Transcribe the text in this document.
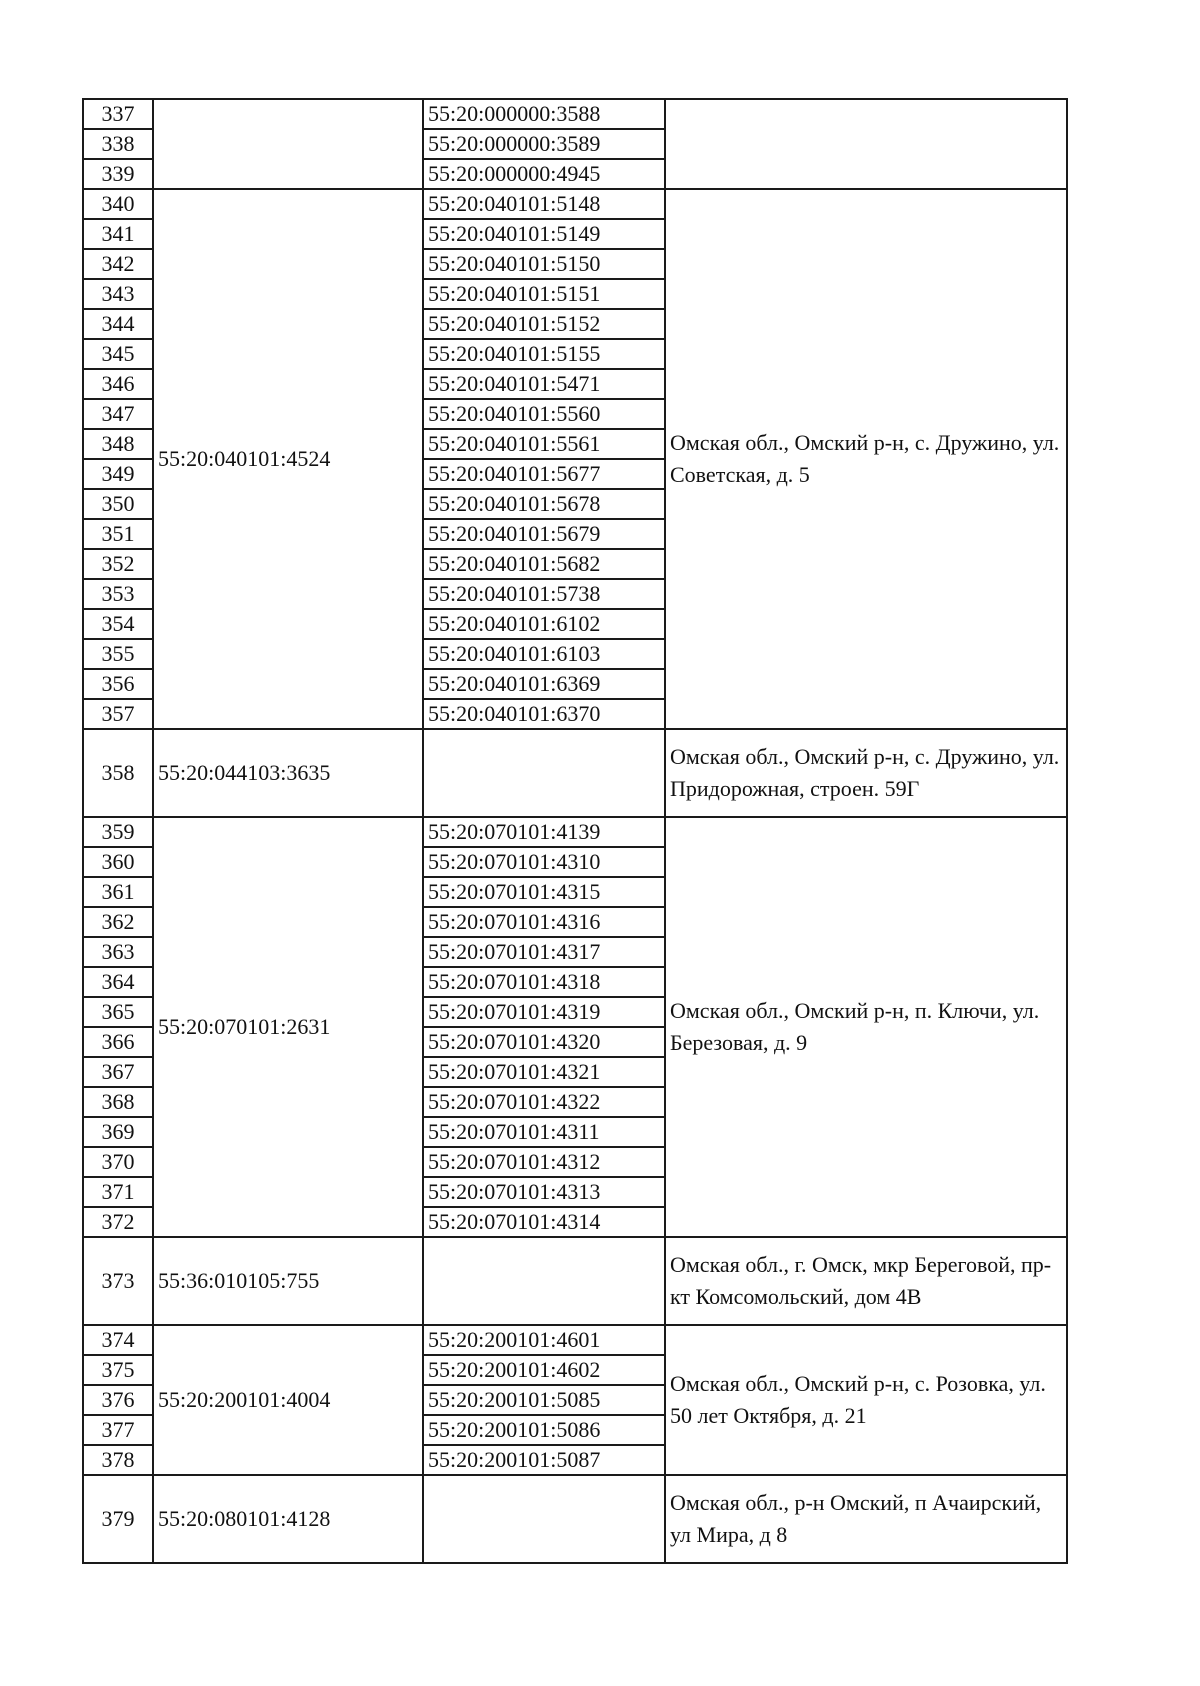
337		55:20:000000:3588	
338		55:20:000000:3589	
339		55:20:000000:4945	
340	55:20:040101:4524	55:20:040101:5148	Омская обл., Омский р-н, с. Дружино, ул. Советская, д. 5
341		55:20:040101:5149	
342		55:20:040101:5150	
343		55:20:040101:5151	
344		55:20:040101:5152	
345		55:20:040101:5155	
346		55:20:040101:5471	
347		55:20:040101:5560	
348		55:20:040101:5561	
349		55:20:040101:5677	
350		55:20:040101:5678	
351		55:20:040101:5679	
352		55:20:040101:5682	
353		55:20:040101:5738	
354		55:20:040101:6102	
355		55:20:040101:6103	
356		55:20:040101:6369	
357		55:20:040101:6370	
358	55:20:044103:3635		Омская обл., Омский р-н, с. Дружино, ул. Придорожная, строен. 59Г
359	55:20:070101:2631	55:20:070101:4139	Омская обл., Омский р-н, п. Ключи, ул. Березовая, д. 9
360		55:20:070101:4310	
361		55:20:070101:4315	
362		55:20:070101:4316	
363		55:20:070101:4317	
364		55:20:070101:4318	
365		55:20:070101:4319	
366		55:20:070101:4320	
367		55:20:070101:4321	
368		55:20:070101:4322	
369		55:20:070101:4311	
370		55:20:070101:4312	
371		55:20:070101:4313	
372		55:20:070101:4314	
373	55:36:010105:755		Омская обл., г. Омск, мкр Береговой, пр-кт Комсомольский, дом 4В
374	55:20:200101:4004	55:20:200101:4601	Омская обл., Омский р-н, с. Розовка, ул. 50 лет Октября, д. 21
375		55:20:200101:4602	
376		55:20:200101:5085	
377		55:20:200101:5086	
378		55:20:200101:5087	
379	55:20:080101:4128		Омская обл., р-н Омский, п Ачаирский, ул Мира, д 8
